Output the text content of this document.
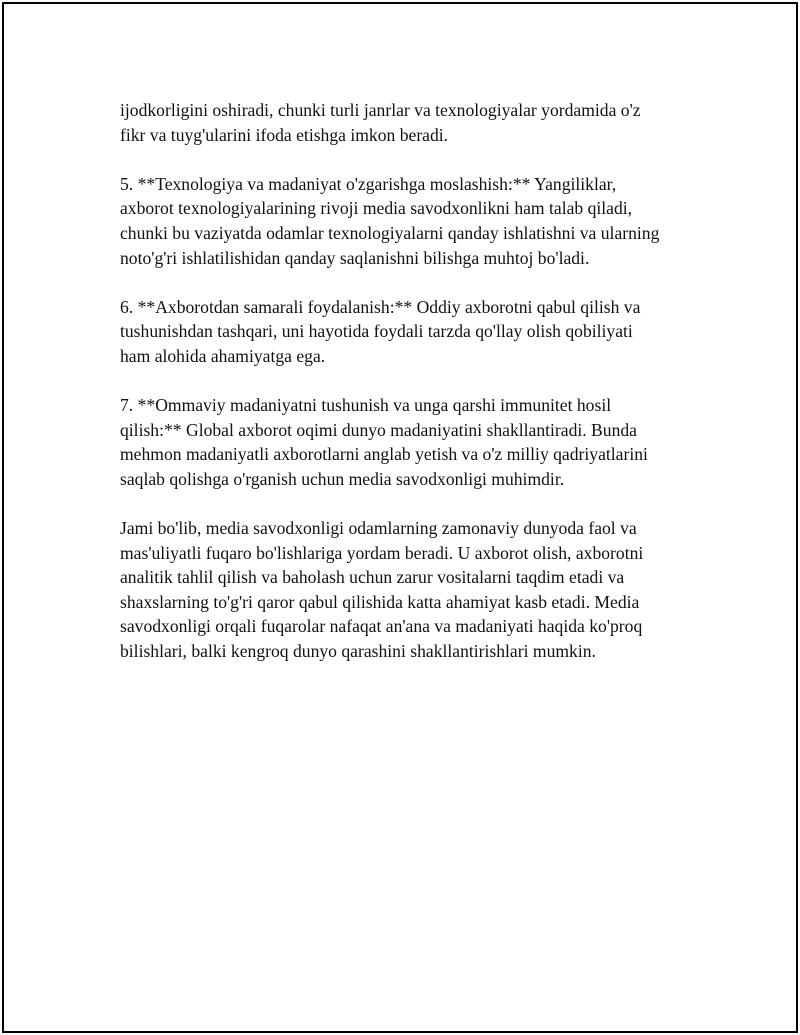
ijodkorligini oshiradi, chunki turli janrlar va texnologiyalar yordamida o'z
fikr va tuyg'ularini ifoda etishga imkon beradi.

5. **Texnologiya va madaniyat o'zgarishga moslashish:** Yangiliklar,
axborot texnologiyalarining rivoji media savodxonlikni ham talab qiladi,
chunki bu vaziyatda odamlar texnologiyalarni qanday ishlatishni va ularning
noto'g'ri ishlatilishidan qanday saqlanishni bilishga muhtoj bo'ladi.

6. **Axborotdan samarali foydalanish:** Oddiy axborotni qabul qilish va
tushunishdan tashqari, uni hayotida foydali tarzda qo'llay olish qobiliyati
ham alohida ahamiyatga ega.

7. **Ommaviy madaniyatni tushunish va unga qarshi immunitet hosil
qilish:** Global axborot oqimi dunyo madaniyatini shakllantiradi. Bunda
mehmon madaniyatli axborotlarni anglab yetish va o'z milliy qadriyatlarini
saqlab qolishga o'rganish uchun media savodxonligi muhimdir.

Jami bo'lib, media savodxonligi odamlarning zamonaviy dunyoda faol va
mas'uliyatli fuqaro bo'lishlariga yordam beradi. U axborot olish, axborotni
analitik tahlil qilish va baholash uchun zarur vositalarni taqdim etadi va
shaxslarning to'g'ri qaror qabul qilishida katta ahamiyat kasb etadi. Media
savodxonligi orqali fuqarolar nafaqat an'ana va madaniyati haqida ko'proq
bilishlari, balki kengroq dunyo qarashini shakllantirishlari mumkin.
